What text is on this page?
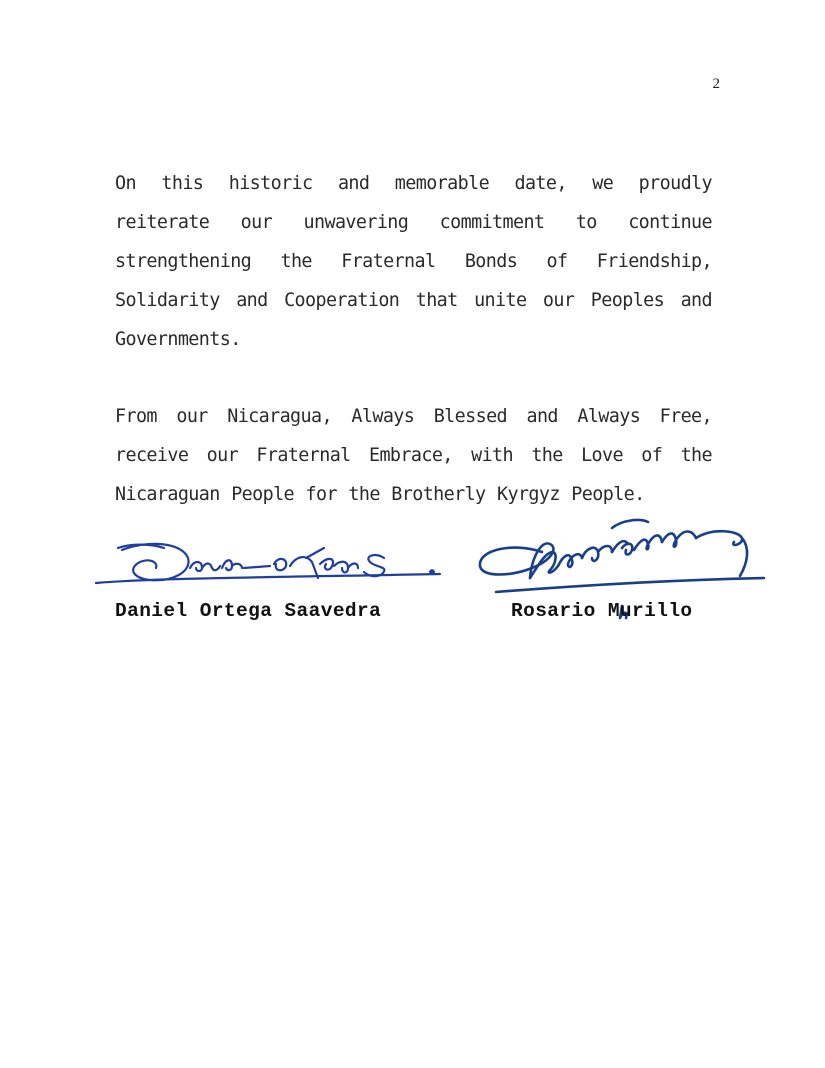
2

On this historic and memorable date, we proudly reiterate our unwavering commitment to continue strengthening the Fraternal Bonds of Friendship, Solidarity and Cooperation that unite our Peoples and Governments.

From our Nicaragua, Always Blessed and Always Free, receive our Fraternal Embrace, with the Love of the Nicaraguan People for the Brotherly Kyrgyz People.

Daniel Ortega Saavedra	Rosario Murillo
